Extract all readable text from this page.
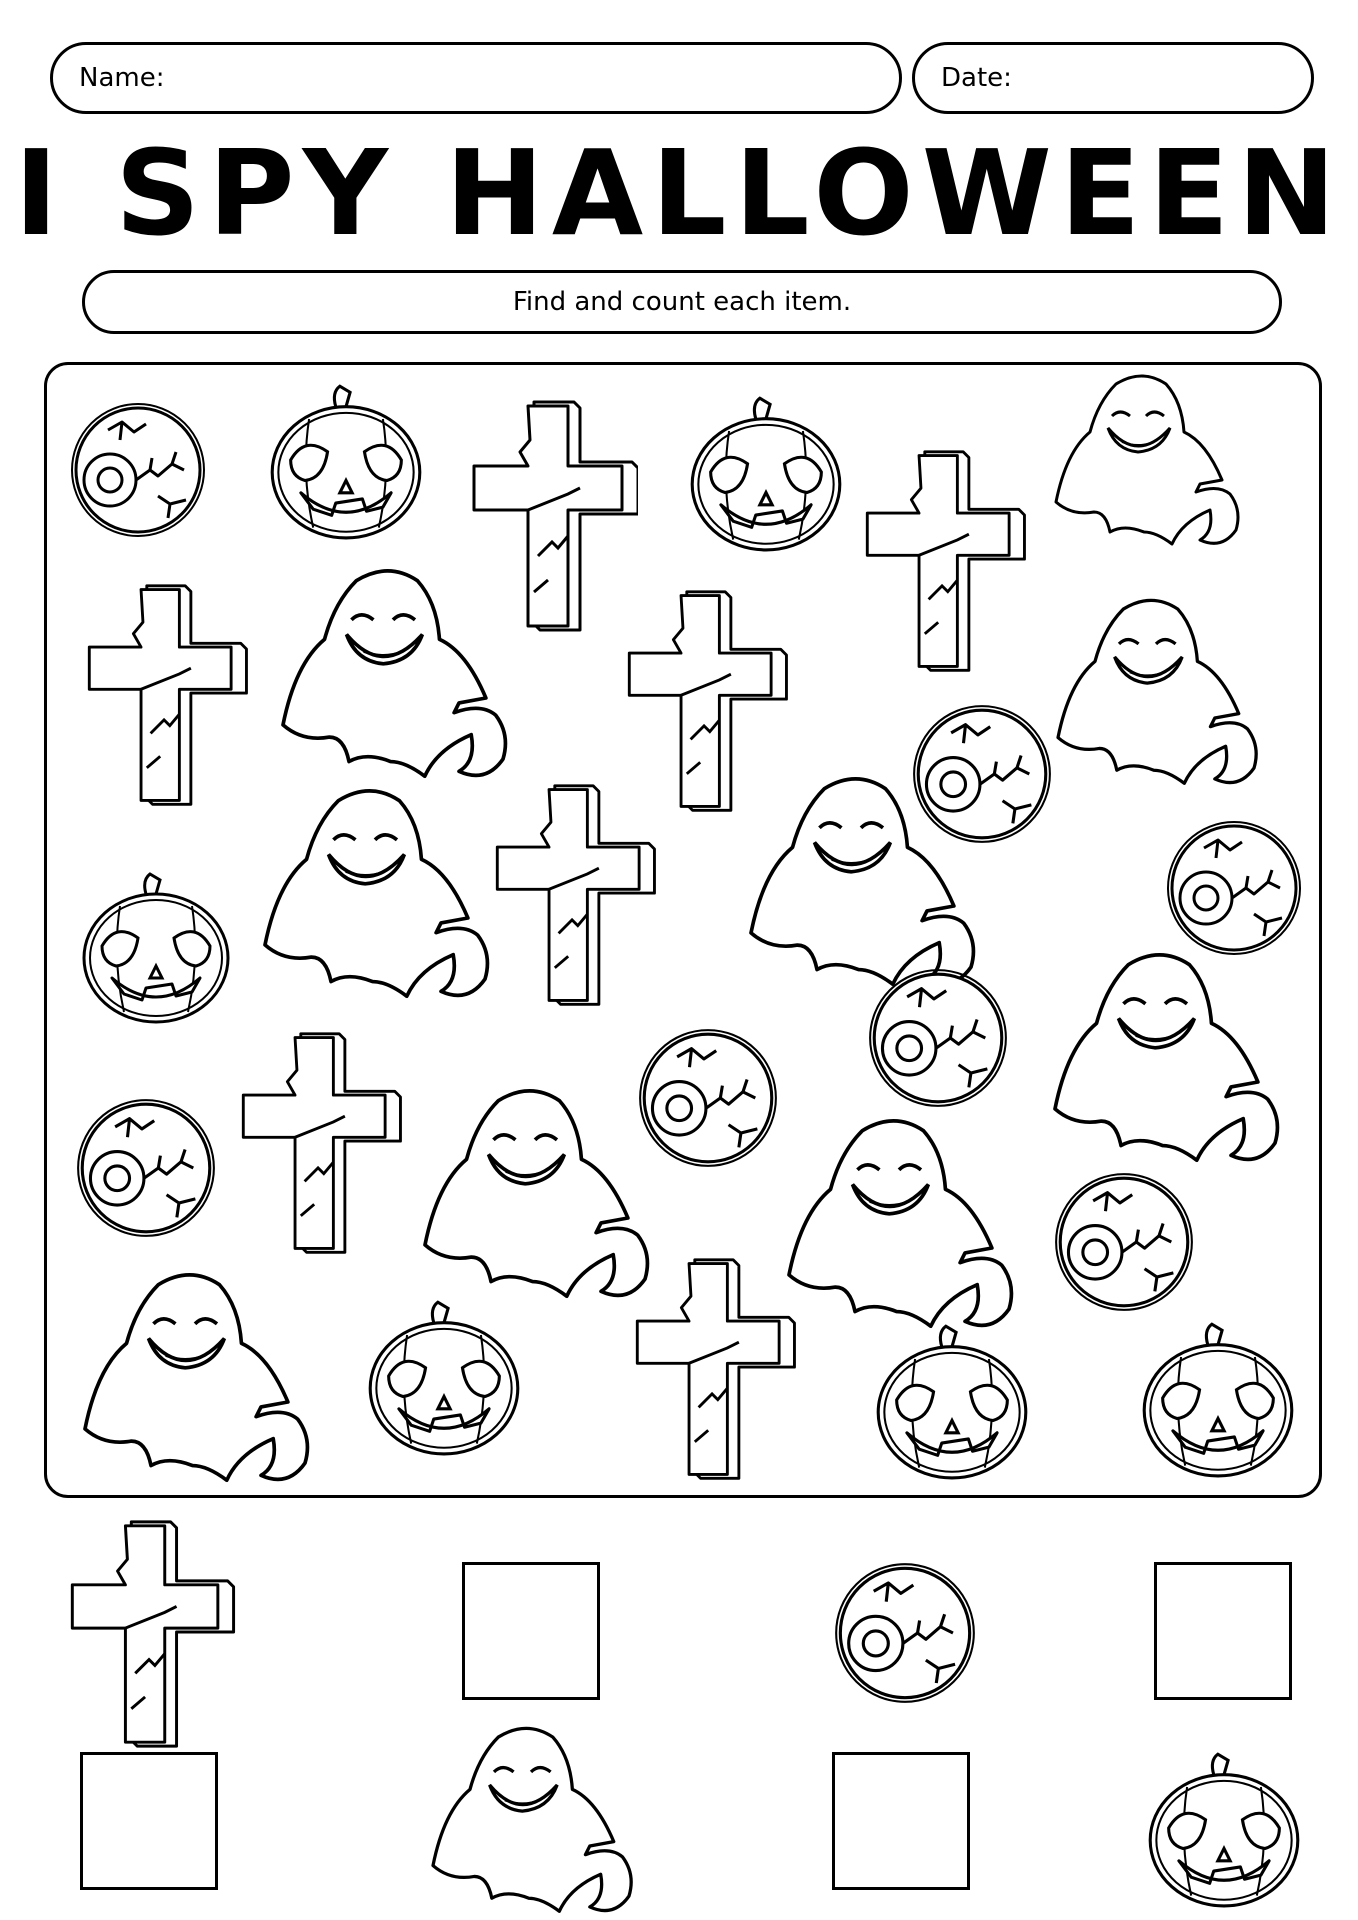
Name:	Date:
I SPY HALLOWEEN
Find and count each item.
